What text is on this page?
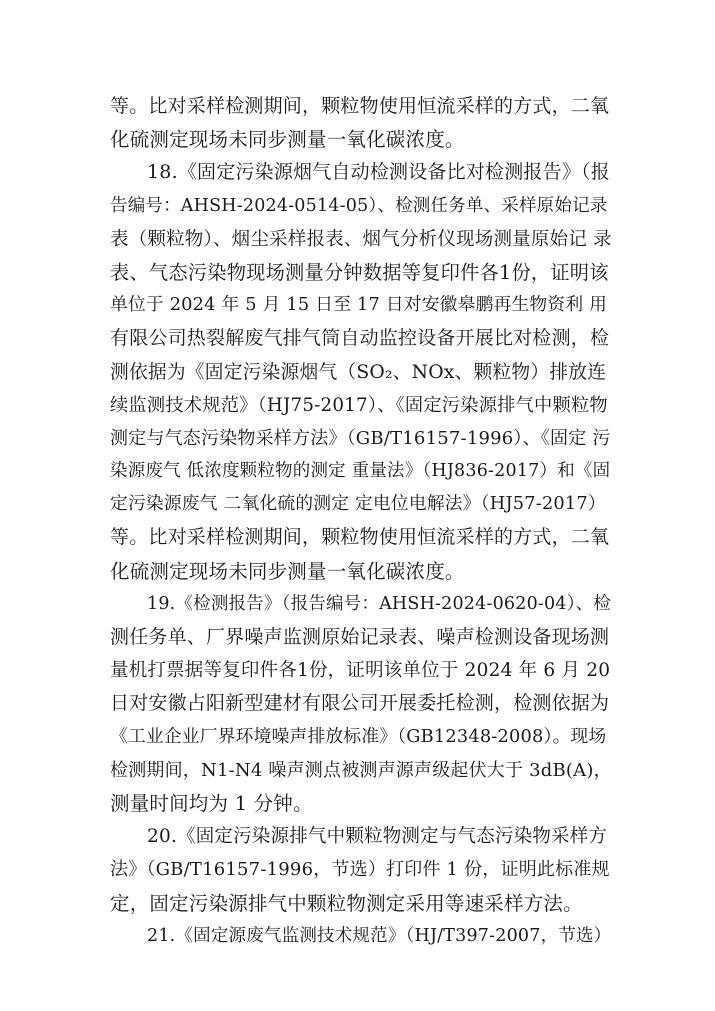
等。比对采样检测期间，颗粒物使用恒流采样的方式，二氧
化硫测定现场未同步测量一氧化碳浓度。
18.《固定污染源烟气自动检测设备比对检测报告》（报
告编号：AHSH-2024-0514-05）、检测任务单、采样原始记录
表（颗粒物）、烟尘采样报表、烟气分析仪现场测量原始记 录
表、气态污染物现场测量分钟数据等复印件各1份，证明该
单位于 2024 年 5 月 15 日至 17 日对安徽皋鹏再生物资利 用
有限公司热裂解废气排气筒自动监控设备开展比对检测，检
测依据为《固定污染源烟气（SO₂、NOx、颗粒物）排放连
续监测技术规范》（HJ75-2017）、《固定污染源排气中颗粒物
测定与气态污染物采样方法》（GB/T16157-1996）、《固定 污
染源废气 低浓度颗粒物的测定 重量法》（HJ836-2017）和《固
定污染源废气 二氧化硫的测定 定电位电解法》（HJ57-2017）
等。比对采样检测期间，颗粒物使用恒流采样的方式，二氧
化硫测定现场未同步测量一氧化碳浓度。
19.《检测报告》（报告编号：AHSH-2024-0620-04）、检
测任务单、厂界噪声监测原始记录表、噪声检测设备现场测
量机打票据等复印件各1份，证明该单位于 2024 年 6 月 20
日对安徽占阳新型建材有限公司开展委托检测，检测依据为
《工业企业厂界环境噪声排放标准》（GB12348-2008）。现场
检测期间，N1-N4 噪声测点被测声源声级起伏大于 3dB(A)，
测量时间均为 1 分钟。
20.《固定污染源排气中颗粒物测定与气态污染物采样方
法》（GB/T16157-1996，节选）打印件 1 份，证明此标准规
定，固定污染源排气中颗粒物测定采用等速采样方法。
21.《固定源废气监测技术规范》（HJ/T397-2007，节选）
